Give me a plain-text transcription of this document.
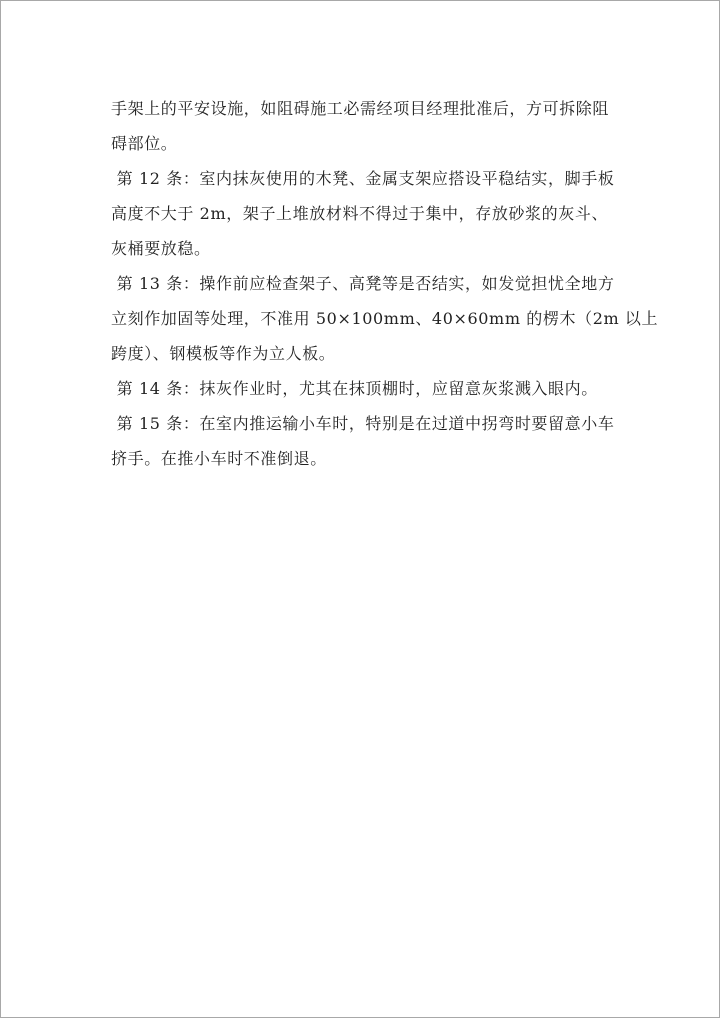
手架上的平安设施，如阻碍施工必需经项目经理批准后，方可拆除阻
碍部位。
第 12 条：室内抹灰使用的木凳、金属支架应搭设平稳结实，脚手板
高度不大于 2m，架子上堆放材料不得过于集中，存放砂浆的灰斗、
灰桶要放稳。
第 13 条：操作前应检查架子、高凳等是否结实，如发觉担忧全地方
立刻作加固等处理，不准用 50×100mm、40×60mm 的楞木（2m 以上
跨度）、钢模板等作为立人板。
第 14 条：抹灰作业时，尤其在抹顶棚时，应留意灰浆溅入眼内。
第 15 条：在室内推运输小车时，特别是在过道中拐弯时要留意小车
挤手。在推小车时不准倒退。
